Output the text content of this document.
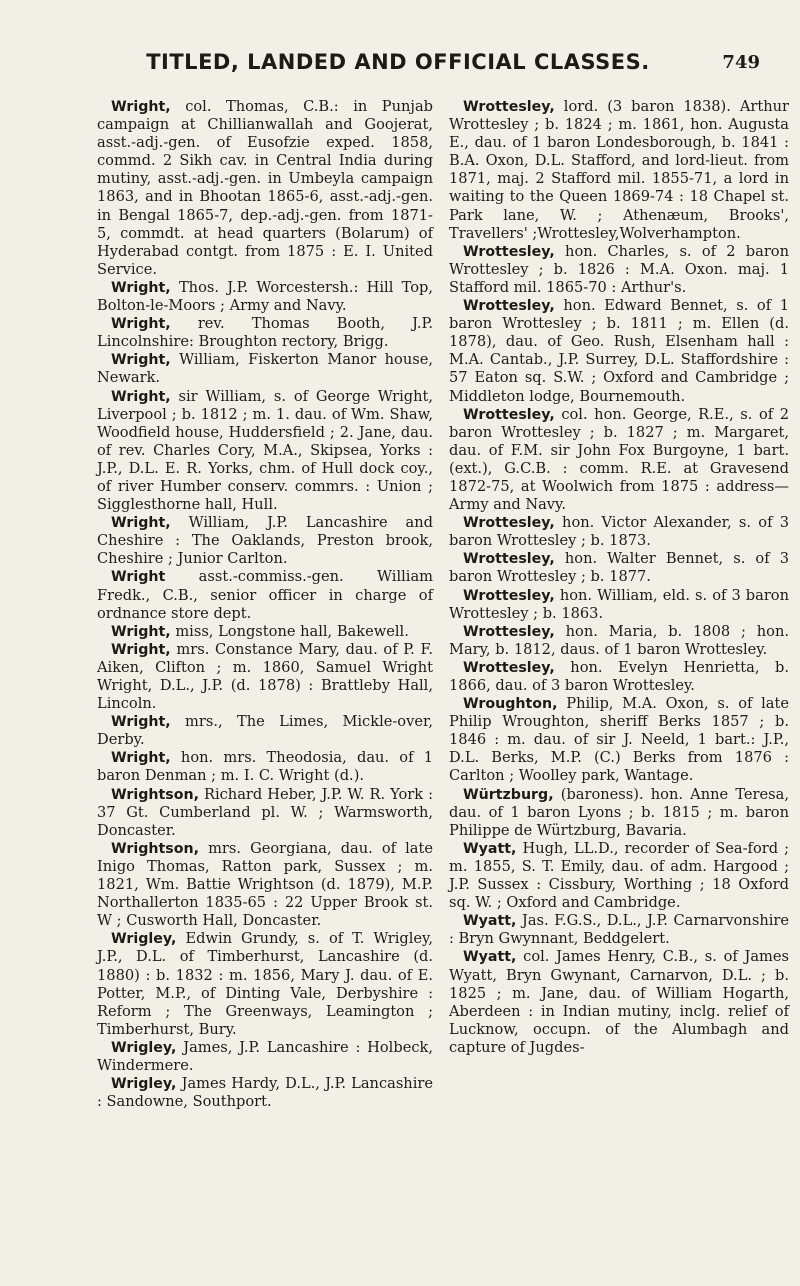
TITLED, LANDED AND OFFICIAL CLASSES.	749

Wright, col. Thomas, C.B.: in Punjab campaign at Chillianwallah and Goojerat, asst.-adj.-gen. of Eusofzie exped. 1858, commd. 2 Sikh cav. in Central India during mutiny, asst.-adj.-gen. in Umbeyla campaign 1863, and in Bhootan 1865-6, asst.-adj.-gen. in Bengal 1865-7, dep.-adj.-gen. from 1871-5, commdt. at head quarters (Bolarum) of Hyderabad contgt. from 1875 : E. I. United Service.

Wright, Thos. J.P. Worcestersh.: Hill Top, Bolton-le-Moors ; Army and Navy.

Wright, rev. Thomas Booth, J.P. Lincolnshire: Broughton rectory, Brigg.

Wright, William, Fiskerton Manor house, Newark.

Wright, sir William, s. of George Wright, Liverpool ; b. 1812 ; m. 1. dau. of Wm. Shaw, Woodfield house, Huddersfield ; 2. Jane, dau. of rev. Charles Cory, M.A., Skipsea, Yorks : J.P., D.L. E. R. Yorks, chm. of Hull dock coy., of river Humber conserv. commrs. : Union ; Sigglesthorne hall, Hull.

Wright, William, J.P. Lancashire and Cheshire : The Oaklands, Preston brook, Cheshire ; Junior Carlton.

Wright asst.-commiss.-gen. William Fredk., C.B., senior officer in charge of ordnance store dept.

Wright, miss, Longstone hall, Bakewell.

Wright, mrs. Constance Mary, dau. of P. F. Aiken, Clifton ; m. 1860, Samuel Wright Wright, D.L., J.P. (d. 1878) : Brattleby Hall, Lincoln.

Wright, mrs., The Limes, Mickle-over, Derby.

Wright, hon. mrs. Theodosia, dau. of 1 baron Denman ; m. I. C. Wright (d.).

Wrightson, Richard Heber, J.P. W. R. York : 37 Gt. Cumberland pl. W. ; Warmsworth, Doncaster.

Wrightson, mrs. Georgiana, dau. of late Inigo Thomas, Ratton park, Sussex ; m. 1821, Wm. Battie Wrightson (d. 1879), M.P. Northallerton 1835-65 : 22 Upper Brook st. W ; Cusworth Hall, Doncaster.

Wrigley, Edwin Grundy, s. of T. Wrigley, J.P., D.L. of Timberhurst, Lancashire (d. 1880) : b. 1832 : m. 1856, Mary J. dau. of E. Potter, M.P., of Dinting Vale, Derbyshire : Reform ; The Greenways, Leamington ; Timberhurst, Bury.

Wrigley, James, J.P. Lancashire : Holbeck, Windermere.

Wrigley, James Hardy, D.L., J.P. Lancashire : Sandowne, Southport.

Wrottesley, lord. (3 baron 1838). Arthur Wrottesley ; b. 1824 ; m. 1861, hon. Augusta E., dau. of 1 baron Londesborough, b. 1841 : B.A. Oxon, D.L. Stafford, and lord-lieut. from 1871, maj. 2 Stafford mil. 1855-71, a lord in waiting to the Queen 1869-74 : 18 Chapel st. Park lane, W. ; Athenæum, Brooks', Travellers' ;Wrottesley,Wolverhampton.

Wrottesley, hon. Charles, s. of 2 baron Wrottesley ; b. 1826 : M.A. Oxon. maj. 1 Stafford mil. 1865-70 : Arthur's.

Wrottesley, hon. Edward Bennet, s. of 1 baron Wrottesley ; b. 1811 ; m. Ellen (d. 1878), dau. of Geo. Rush, Elsenham hall : M.A. Cantab., J.P. Surrey, D.L. Staffordshire : 57 Eaton sq. S.W. ; Oxford and Cambridge ; Middleton lodge, Bournemouth.

Wrottesley, col. hon. George, R.E., s. of 2 baron Wrottesley ; b. 1827 ; m. Margaret, dau. of F.M. sir John Fox Burgoyne, 1 bart. (ext.), G.C.B. : comm. R.E. at Gravesend 1872-75, at Woolwich from 1875 : address—Army and Navy.

Wrottesley, hon. Victor Alexander, s. of 3 baron Wrottesley ; b. 1873.

Wrottesley, hon. Walter Bennet, s. of 3 baron Wrottesley ; b. 1877.

Wrottesley, hon. William, eld. s. of 3 baron Wrottesley ; b. 1863.

Wrottesley, hon. Maria, b. 1808 ; hon. Mary, b. 1812, daus. of 1 baron Wrottesley.

Wrottesley, hon. Evelyn Henrietta, b. 1866, dau. of 3 baron Wrottesley.

Wroughton, Philip, M.A. Oxon, s. of late Philip Wroughton, sheriff Berks 1857 ; b. 1846 : m. dau. of sir J. Neeld, 1 bart.: J.P., D.L. Berks, M.P. (C.) Berks from 1876 : Carlton ; Woolley park, Wantage.

Würtzburg, (baroness). hon. Anne Teresa, dau. of 1 baron Lyons ; b. 1815 ; m. baron Philippe de Würtzburg, Bavaria.

Wyatt, Hugh, LL.D., recorder of Sea-ford ; m. 1855, S. T. Emily, dau. of adm. Hargood ; J.P. Sussex : Cissbury, Worthing ; 18 Oxford sq. W. ; Oxford and Cambridge.

Wyatt, Jas. F.G.S., D.L., J.P. Carnarvonshire : Bryn Gwynnant, Beddgelert.

Wyatt, col. James Henry, C.B., s. of James Wyatt, Bryn Gwynant, Carnarvon, D.L. ; b. 1825 ; m. Jane, dau. of William Hogarth, Aberdeen : in Indian mutiny, inclg. relief of Lucknow, occupn. of the Alumbagh and capture of Jugdes-
